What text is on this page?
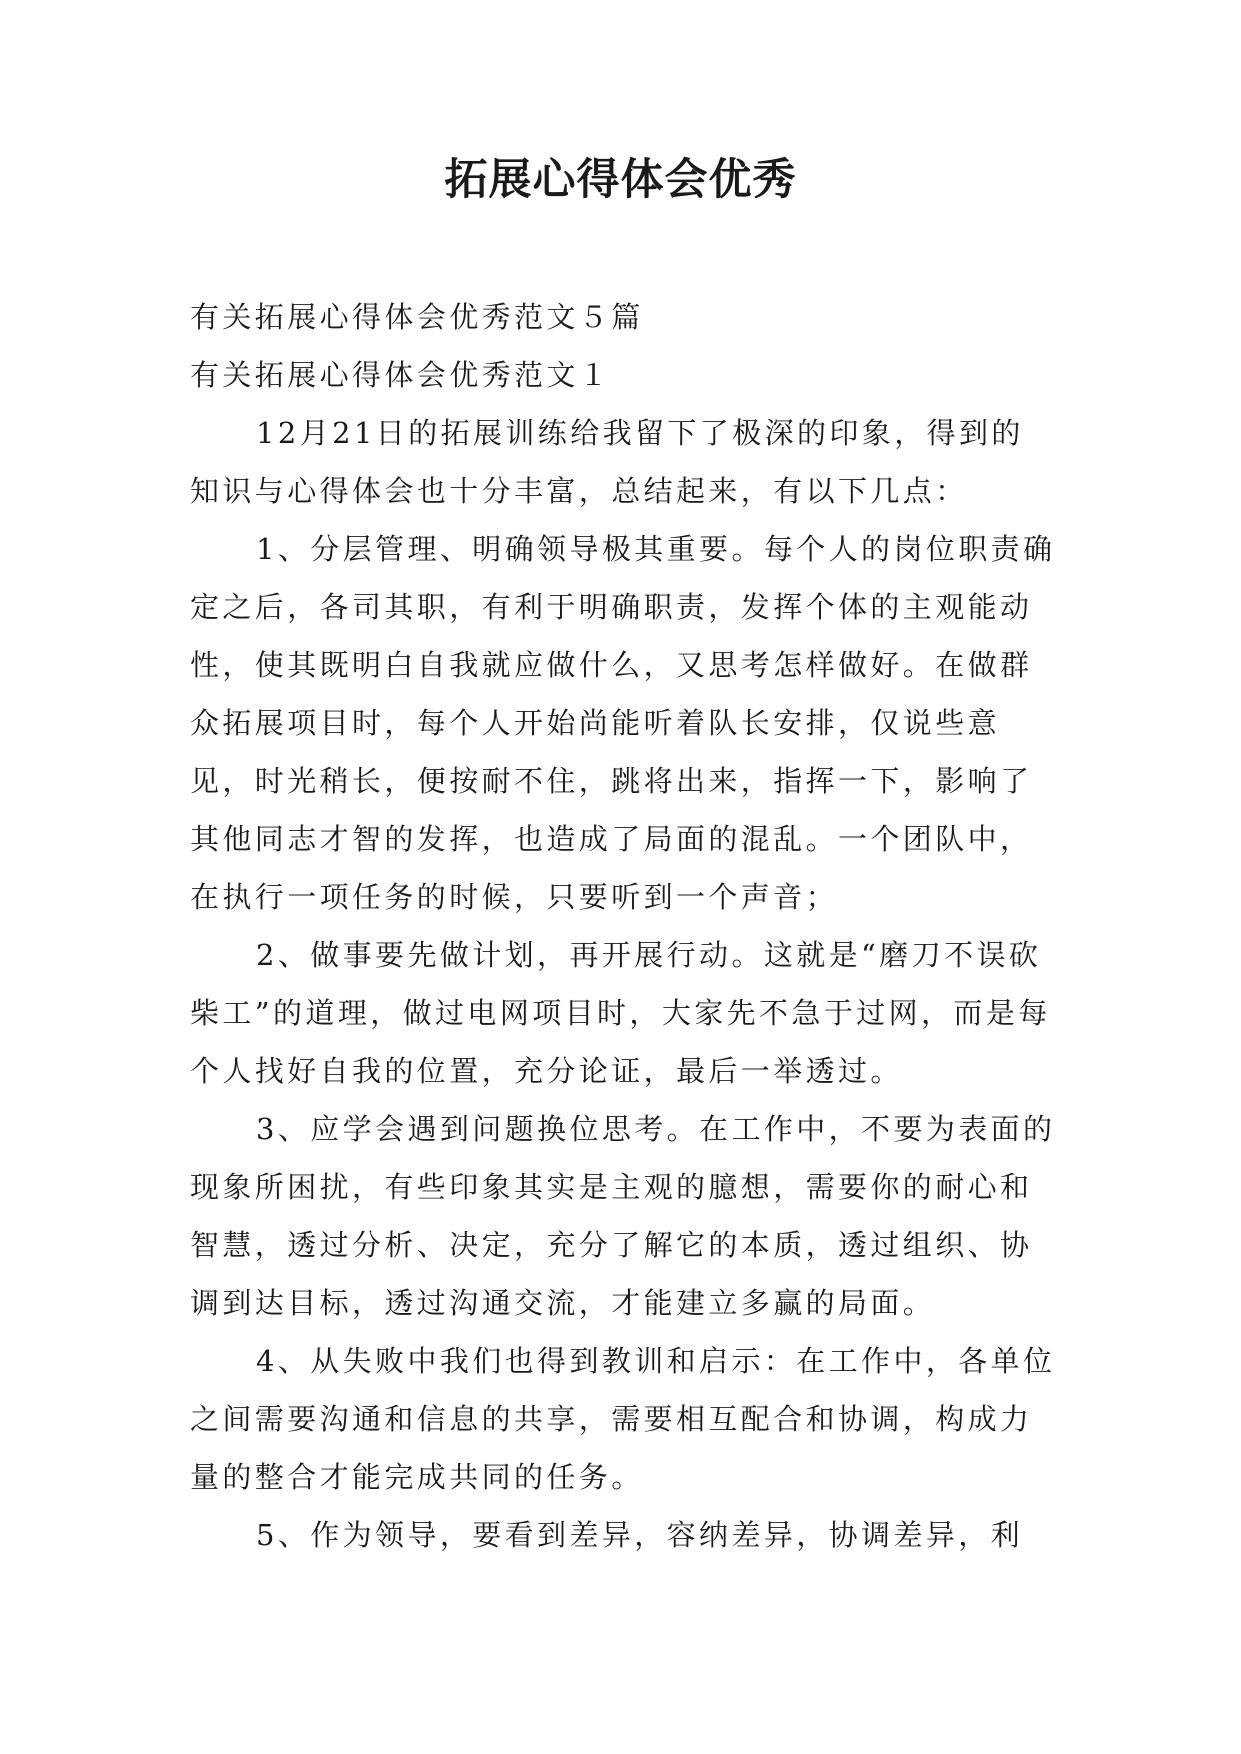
拓展心得体会优秀

有关拓展心得体会优秀范文５篇

有关拓展心得体会优秀范文１

12月21日的拓展训练给我留下了极深的印象，得到的知识与心得体会也十分丰富，总结起来，有以下几点：

1、分层管理、明确领导极其重要。每个人的岗位职责确定之后，各司其职，有利于明确职责，发挥个体的主观能动性，使其既明白自我就应做什么，又思考怎样做好。在做群众拓展项目时，每个人开始尚能听着队长安排，仅说些意见，时光稍长，便按耐不住，跳将出来，指挥一下，影响了其他同志才智的发挥，也造成了局面的混乱。一个团队中，在执行一项任务的时候，只要听到一个声音；

2、做事要先做计划，再开展行动。这就是“磨刀不误砍柴工”的道理，做过电网项目时，大家先不急于过网，而是每个人找好自我的位置，充分论证，最后一举透过。

3、应学会遇到问题换位思考。在工作中，不要为表面的现象所困扰，有些印象其实是主观的臆想，需要你的耐心和智慧，透过分析、决定，充分了解它的本质，透过组织、协调到达目标，透过沟通交流，才能建立多赢的局面。

4、从失败中我们也得到教训和启示：在工作中，各单位之间需要沟通和信息的共享，需要相互配合和协调，构成力量的整合才能完成共同的任务。

5、作为领导，要看到差异，容纳差异，协调差异，利
